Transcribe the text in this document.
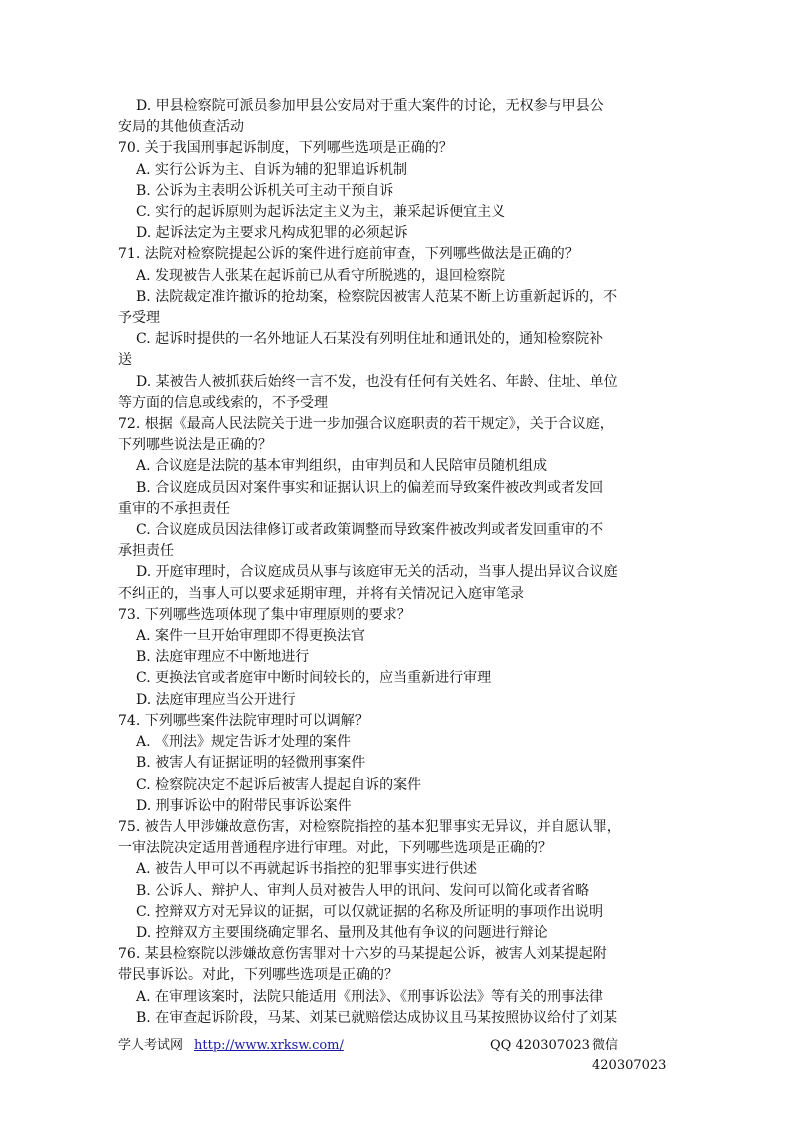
D. 甲县检察院可派员参加甲县公安局对于重大案件的讨论，无权参与甲县公

安局的其他侦查活动

70. 关于我国刑事起诉制度，下列哪些选项是正确的？

A. 实行公诉为主、自诉为辅的犯罪追诉机制

B. 公诉为主表明公诉机关可主动干预自诉

C. 实行的起诉原则为起诉法定主义为主，兼采起诉便宜主义

D. 起诉法定为主要求凡构成犯罪的必须起诉

71. 法院对检察院提起公诉的案件进行庭前审查，下列哪些做法是正确的？

A. 发现被告人张某在起诉前已从看守所脱逃的，退回检察院

B. 法院裁定准许撤诉的抢劫案，检察院因被害人范某不断上访重新起诉的，不

予受理

C. 起诉时提供的一名外地证人石某没有列明住址和通讯处的，通知检察院补

送

D. 某被告人被抓获后始终一言不发，也没有任何有关姓名、年龄、住址、单位

等方面的信息或线索的，不予受理

72. 根据《最高人民法院关于进一步加强合议庭职责的若干规定》，关于合议庭，

下列哪些说法是正确的？

A. 合议庭是法院的基本审判组织，由审判员和人民陪审员随机组成

B. 合议庭成员因对案件事实和证据认识上的偏差而导致案件被改判或者发回

重审的不承担责任

C. 合议庭成员因法律修订或者政策调整而导致案件被改判或者发回重审的不

承担责任

D. 开庭审理时，合议庭成员从事与该庭审无关的活动，当事人提出异议合议庭

不纠正的，当事人可以要求延期审理，并将有关情况记入庭审笔录

73. 下列哪些选项体现了集中审理原则的要求？

A. 案件一旦开始审理即不得更换法官

B. 法庭审理应不中断地进行

C. 更换法官或者庭审中断时间较长的，应当重新进行审理

D. 法庭审理应当公开进行

74. 下列哪些案件法院审理时可以调解？

A. 《刑法》规定告诉才处理的案件

B. 被害人有证据证明的轻微刑事案件

C. 检察院决定不起诉后被害人提起自诉的案件

D. 刑事诉讼中的附带民事诉讼案件

75. 被告人甲涉嫌故意伤害，对检察院指控的基本犯罪事实无异议，并自愿认罪，

一审法院决定适用普通程序进行审理。对此，下列哪些选项是正确的？

A. 被告人甲可以不再就起诉书指控的犯罪事实进行供述

B. 公诉人、辩护人、审判人员对被告人甲的讯问、发问可以简化或者省略

C. 控辩双方对无异议的证据，可以仅就证据的名称及所证明的事项作出说明

D. 控辩双方主要围绕确定罪名、量刑及其他有争议的问题进行辩论

76. 某县检察院以涉嫌故意伤害罪对十六岁的马某提起公诉，被害人刘某提起附

带民事诉讼。对此，下列哪些选项是正确的？

A. 在审理该案时，法院只能适用《刑法》、《刑事诉讼法》等有关的刑事法律

B. 在审查起诉阶段，马某、刘某已就赔偿达成协议且马某按照协议给付了刘某

学人考试网 http://www.xrksw.com/	QQ 420307023 微信 420307023
